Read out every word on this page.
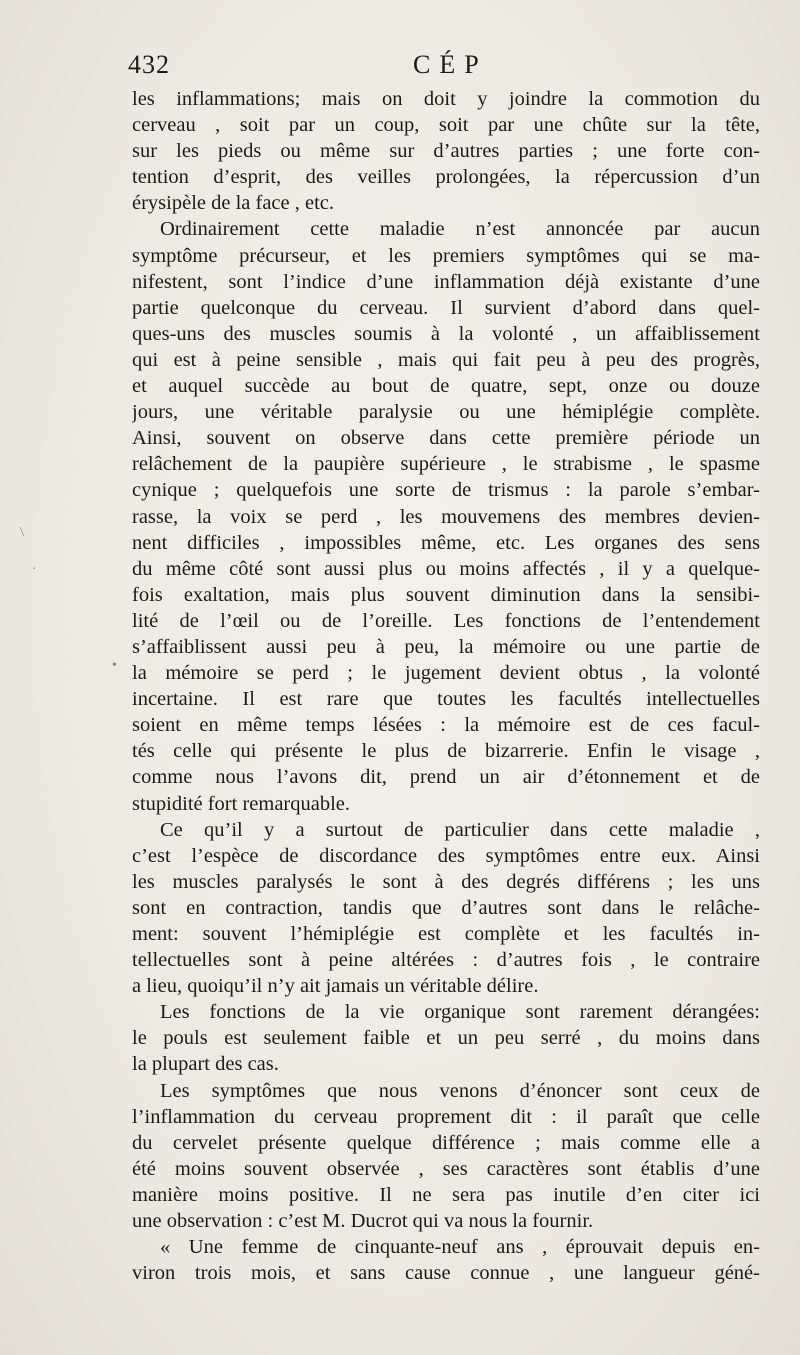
432	CÉP
les inflammations; mais on doit y joindre la commotion du
cerveau , soit par un coup, soit par une chûte sur la tête,
sur les pieds ou même sur d’autres parties ; une forte con-
tention d’esprit, des veilles prolongées, la répercussion d’un
érysipèle de la face , etc.
Ordinairement cette maladie n’est annoncée par aucun
symptôme précurseur, et les premiers symptômes qui se ma-
nifestent, sont l’indice d’une inflammation déjà existante d’une
partie quelconque du cerveau. Il survient d’abord dans quel-
ques-uns des muscles soumis à la volonté , un affaiblissement
qui est à peine sensible , mais qui fait peu à peu des progrès,
et auquel succède au bout de quatre, sept, onze ou douze
jours, une véritable paralysie ou une hémiplégie complète.
Ainsi, souvent on observe dans cette première période un
relâchement de la paupière supérieure , le strabisme , le spasme
cynique ; quelquefois une sorte de trismus : la parole s’embar-
rasse, la voix se perd , les mouvemens des membres devien-
nent difficiles , impossibles même, etc. Les organes des sens
du même côté sont aussi plus ou moins affectés , il y a quelque-
fois exaltation, mais plus souvent diminution dans la sensibi-
lité de l’œil ou de l’oreille. Les fonctions de l’entendement
s’affaiblissent aussi peu à peu, la mémoire ou une partie de
la mémoire se perd ; le jugement devient obtus , la volonté
incertaine. Il est rare que toutes les facultés intellectuelles
soient en même temps lésées : la mémoire est de ces facul-
tés celle qui présente le plus de bizarrerie. Enfin le visage ,
comme nous l’avons dit, prend un air d’étonnement et de
stupidité fort remarquable.
Ce qu’il y a surtout de particulier dans cette maladie ,
c’est l’espèce de discordance des symptômes entre eux. Ainsi
les muscles paralysés le sont à des degrés différens ; les uns
sont en contraction, tandis que d’autres sont dans le relâche-
ment: souvent l’hémiplégie est complète et les facultés in-
tellectuelles sont à peine altérées : d’autres fois , le contraire
a lieu, quoiqu’il n’y ait jamais un véritable délire.
Les fonctions de la vie organique sont rarement dérangées:
le pouls est seulement faible et un peu serré , du moins dans
la plupart des cas.
Les symptômes que nous venons d’énoncer sont ceux de
l’inflammation du cerveau proprement dit : il paraît que celle
du cervelet présente quelque différence ; mais comme elle a
été moins souvent observée , ses caractères sont établis d’une
manière moins positive. Il ne sera pas inutile d’en citer ici
une observation : c’est M. Ducrot qui va nous la fournir.
« Une femme de cinquante-neuf ans , éprouvait depuis en-
viron trois mois, et sans cause connue , une langueur géné-
\
·
•
